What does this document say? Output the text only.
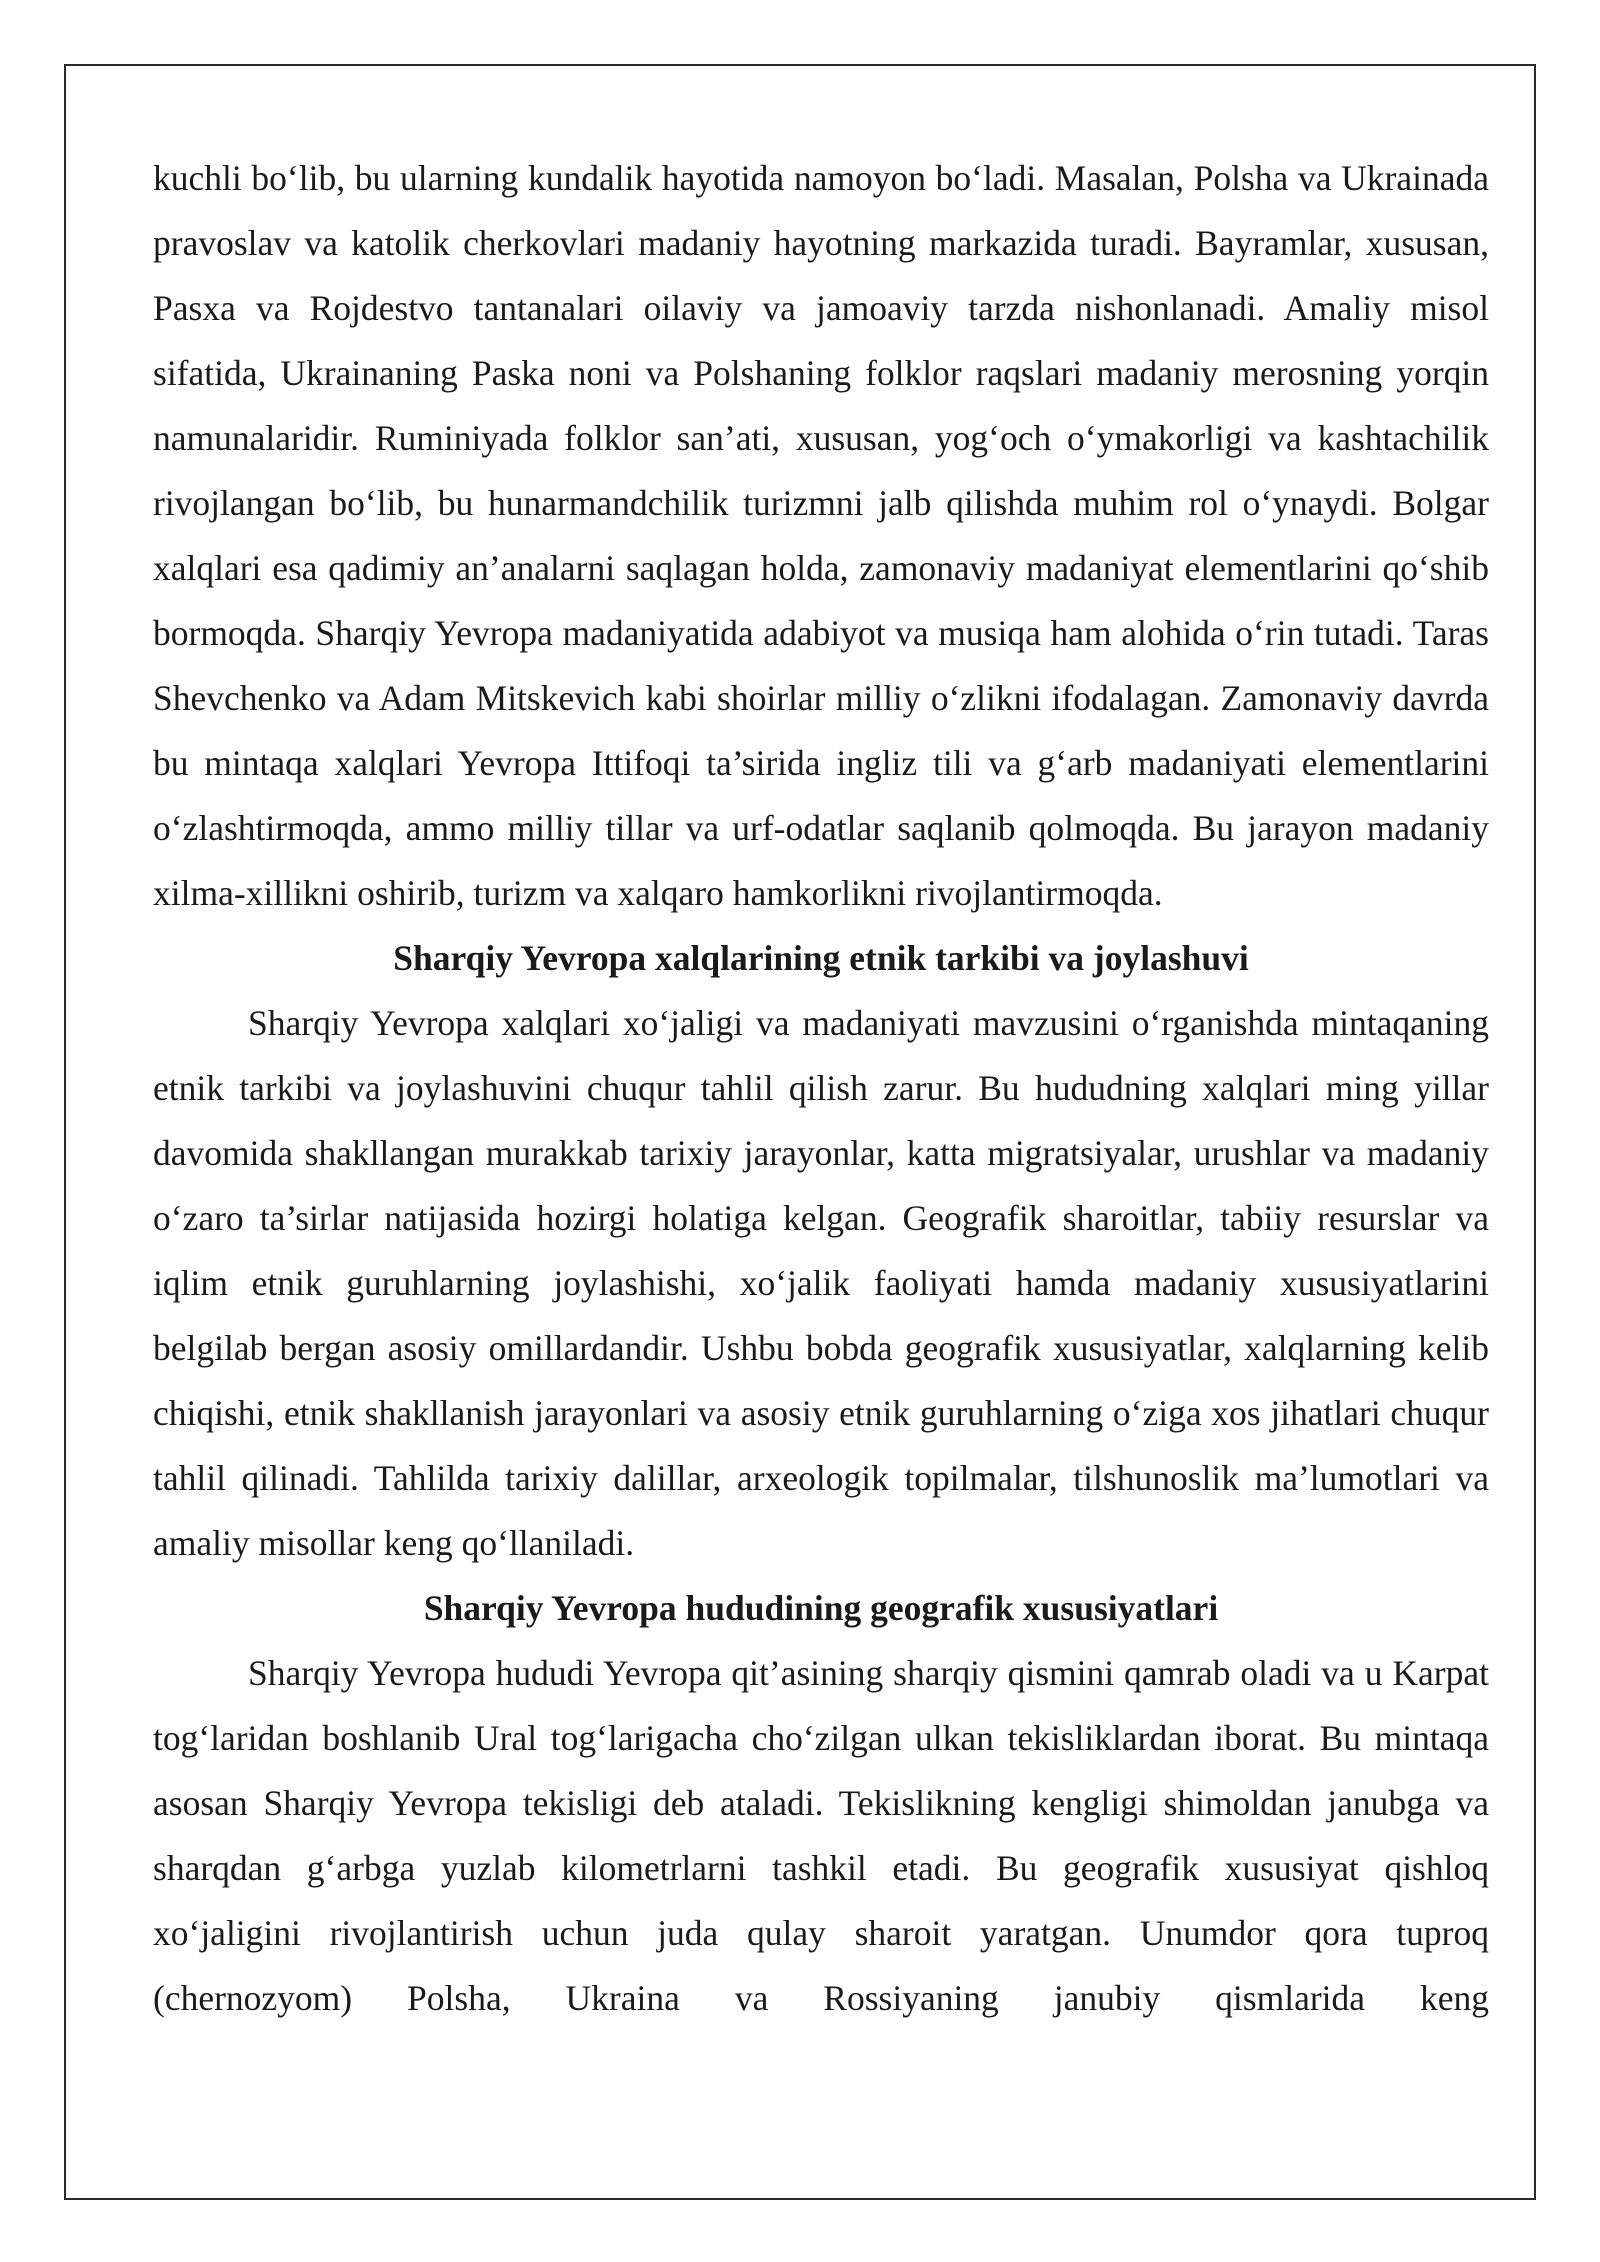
kuchli bo‘lib, bu ularning kundalik hayotida namoyon bo‘ladi. Masalan, Polsha va Ukrainada pravoslav va katolik cherkovlari madaniy hayotning markazida turadi. Bayramlar, xususan, Pasxa va Rojdestvo tantanalari oilaviy va jamoaviy tarzda nishonlanadi. Amaliy misol sifatida, Ukrainaning Paska noni va Polshaning folklor raqslari madaniy merosning yorqin namunalaridir. Ruminiyada folklor san’ati, xususan, yog‘och o‘ymakorligi va kashtachilik rivojlangan bo‘lib, bu hunarmandchilik turizmni jalb qilishda muhim rol o‘ynaydi. Bolgar xalqlari esa qadimiy an’analarni saqlagan holda, zamonaviy madaniyat elementlarini qo‘shib bormoqda. Sharqiy Yevropa madaniyatida adabiyot va musiqa ham alohida o‘rin tutadi. Taras Shevchenko va Adam Mitskevich kabi shoirlar milliy o‘zlikni ifodalagan. Zamonaviy davrda bu mintaqa xalqlari Yevropa Ittifoqi ta’sirida ingliz tili va g‘arb madaniyati elementlarini o‘zlashtirmoqda, ammo milliy tillar va urf-odatlar saqlanib qolmoqda. Bu jarayon madaniy xilma-xillikni oshirib, turizm va xalqaro hamkorlikni rivojlantirmoqda.

Sharqiy Yevropa xalqlarining etnik tarkibi va joylashuvi

Sharqiy Yevropa xalqlari xo‘jaligi va madaniyati mavzusini o‘rganishda mintaqaning etnik tarkibi va joylashuvini chuqur tahlil qilish zarur. Bu hududning xalqlari ming yillar davomida shakllangan murakkab tarixiy jarayonlar, katta migratsiyalar, urushlar va madaniy o‘zaro ta’sirlar natijasida hozirgi holatiga kelgan. Geografik sharoitlar, tabiiy resurslar va iqlim etnik guruhlarning joylashishi, xo‘jalik faoliyati hamda madaniy xususiyatlarini belgilab bergan asosiy omillardandir. Ushbu bobda geografik xususiyatlar, xalqlarning kelib chiqishi, etnik shakllanish jarayonlari va asosiy etnik guruhlarning o‘ziga xos jihatlari chuqur tahlil qilinadi. Tahlilda tarixiy dalillar, arxeologik topilmalar, tilshunoslik ma’lumotlari va amaliy misollar keng qo‘llaniladi.

Sharqiy Yevropa hududining geografik xususiyatlari

Sharqiy Yevropa hududi Yevropa qit’asining sharqiy qismini qamrab oladi va u Karpat tog‘laridan boshlanib Ural tog‘larigacha cho‘zilgan ulkan tekisliklardan iborat. Bu mintaqa asosan Sharqiy Yevropa tekisligi deb ataladi. Tekislikning kengligi shimoldan janubga va sharqdan g‘arbga yuzlab kilometrlarni tashkil etadi. Bu geografik xususiyat qishloq xo‘jaligini rivojlantirish uchun juda qulay sharoit yaratgan. Unumdor qora tuproq (chernozyom) Polsha, Ukraina va Rossiyaning janubiy qismlarida keng
